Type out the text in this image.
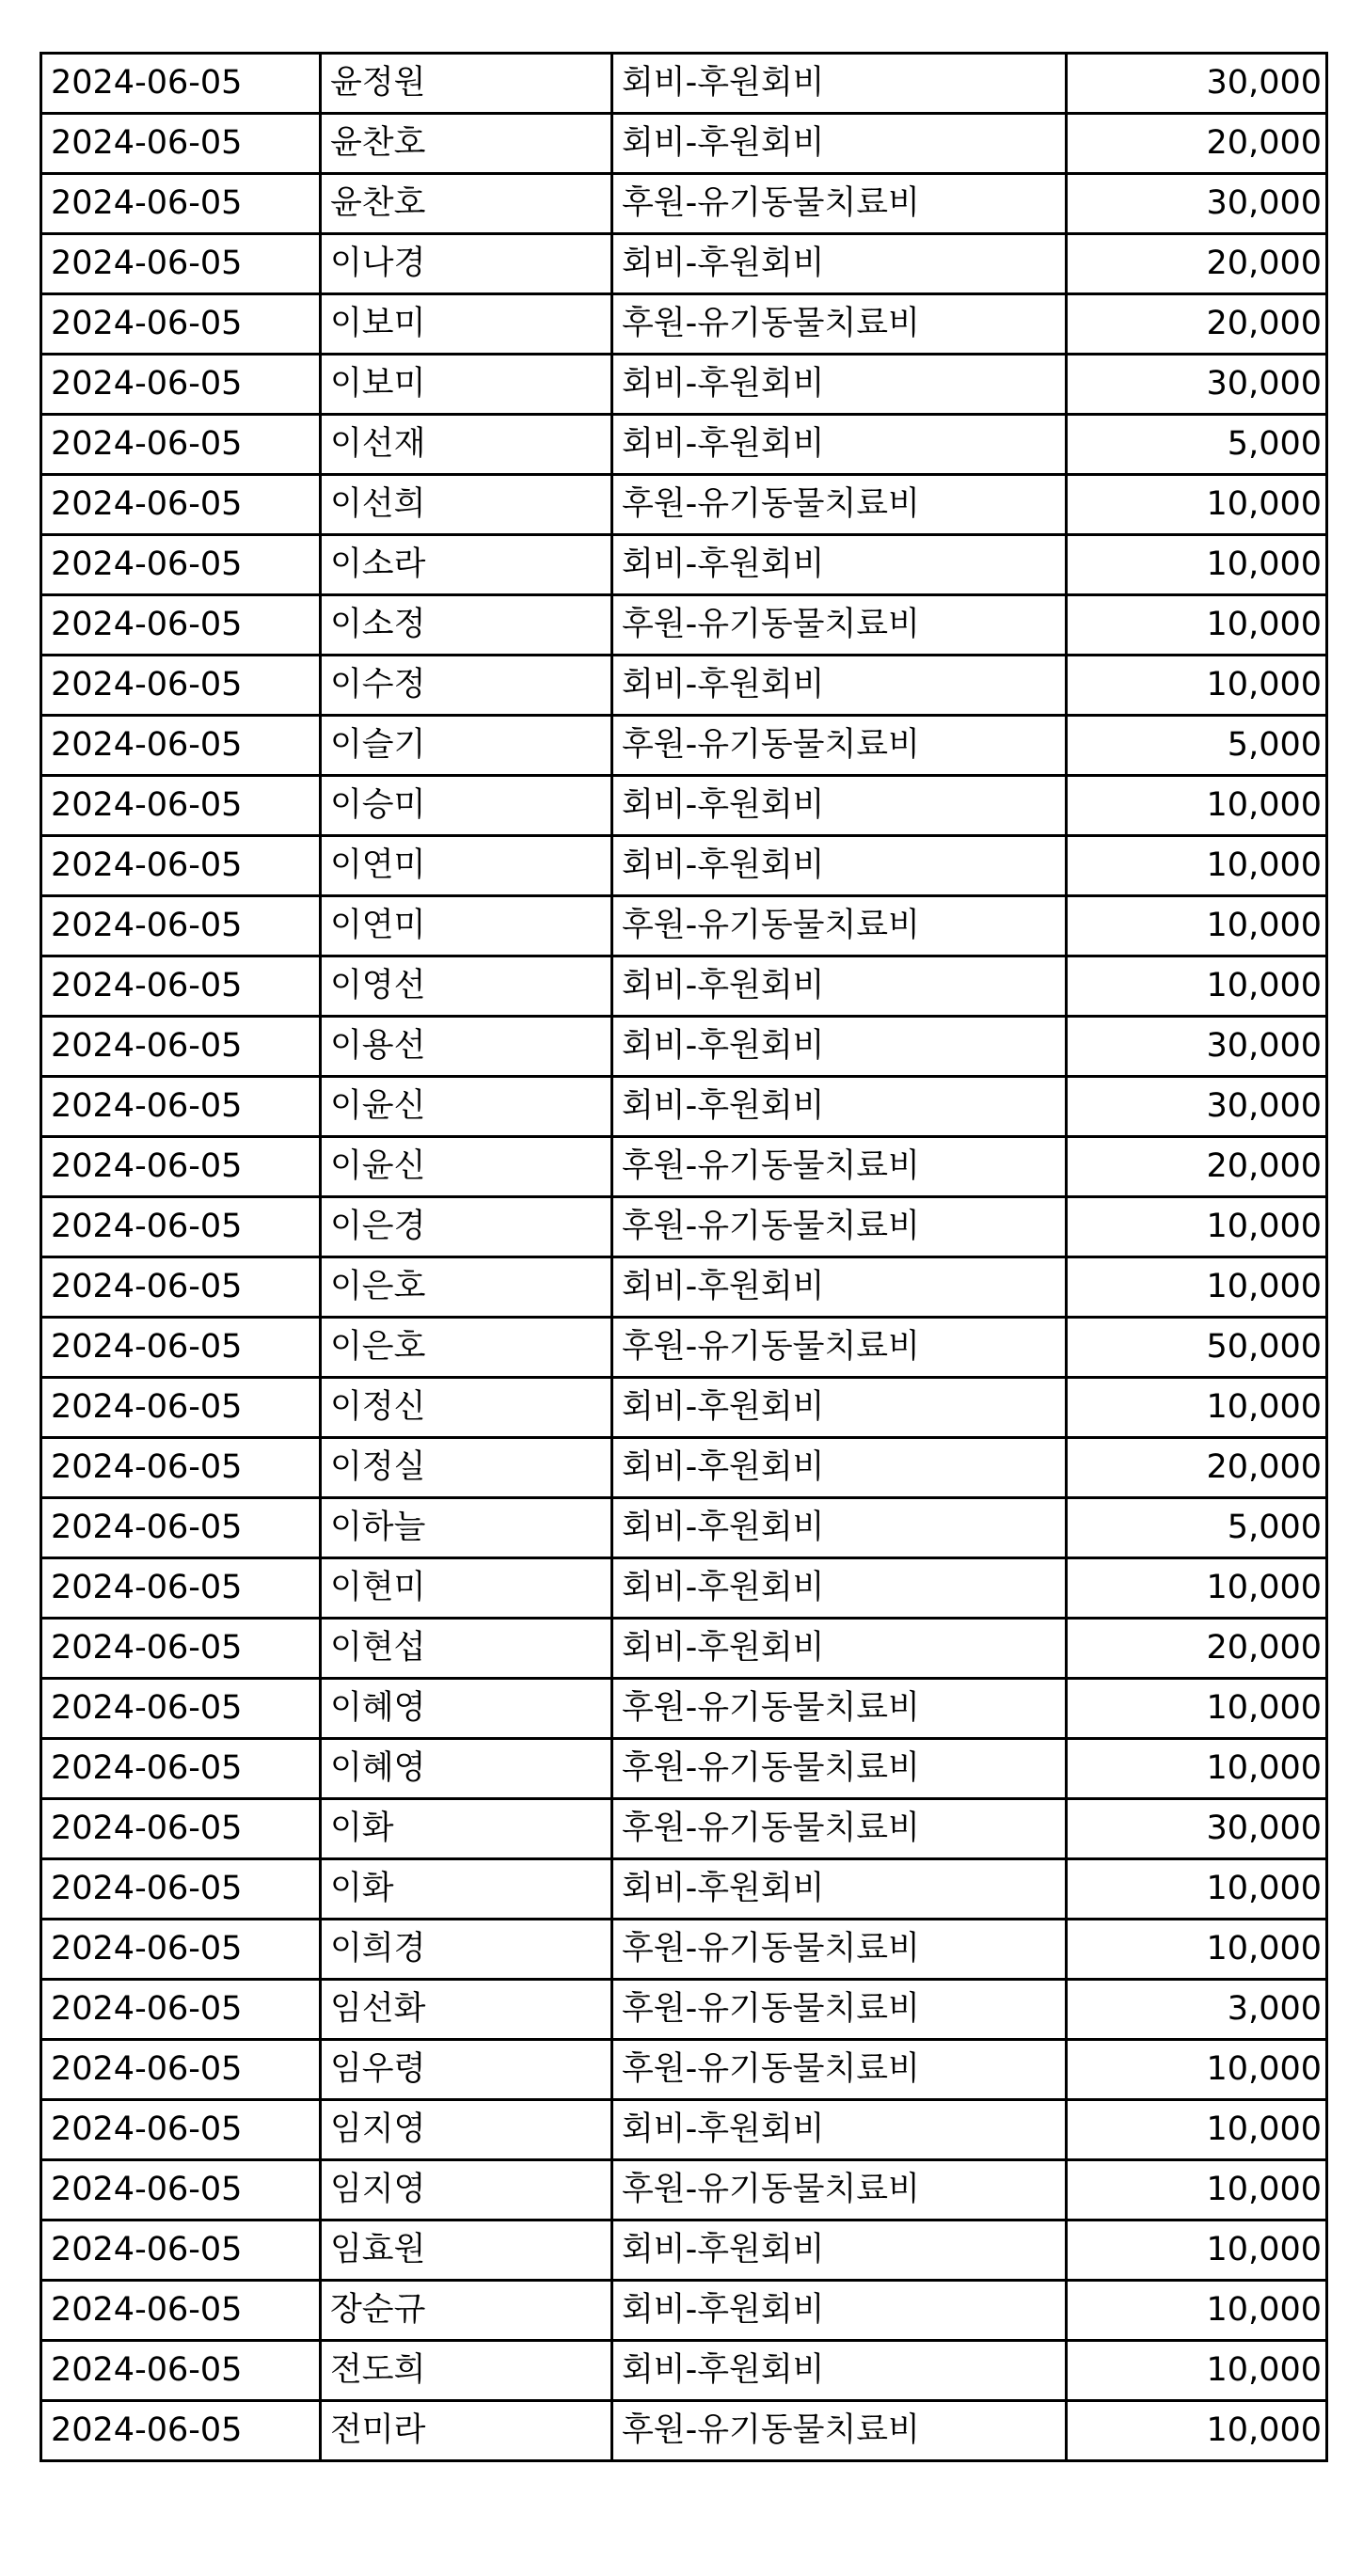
2024-06-05	윤정원	회비-후원회비	30,000
2024-06-05	윤찬호	회비-후원회비	20,000
2024-06-05	윤찬호	후원-유기동물치료비	30,000
2024-06-05	이나경	회비-후원회비	20,000
2024-06-05	이보미	후원-유기동물치료비	20,000
2024-06-05	이보미	회비-후원회비	30,000
2024-06-05	이선재	회비-후원회비	5,000
2024-06-05	이선희	후원-유기동물치료비	10,000
2024-06-05	이소라	회비-후원회비	10,000
2024-06-05	이소정	후원-유기동물치료비	10,000
2024-06-05	이수정	회비-후원회비	10,000
2024-06-05	이슬기	후원-유기동물치료비	5,000
2024-06-05	이승미	회비-후원회비	10,000
2024-06-05	이연미	회비-후원회비	10,000
2024-06-05	이연미	후원-유기동물치료비	10,000
2024-06-05	이영선	회비-후원회비	10,000
2024-06-05	이용선	회비-후원회비	30,000
2024-06-05	이윤신	회비-후원회비	30,000
2024-06-05	이윤신	후원-유기동물치료비	20,000
2024-06-05	이은경	후원-유기동물치료비	10,000
2024-06-05	이은호	회비-후원회비	10,000
2024-06-05	이은호	후원-유기동물치료비	50,000
2024-06-05	이정신	회비-후원회비	10,000
2024-06-05	이정실	회비-후원회비	20,000
2024-06-05	이하늘	회비-후원회비	5,000
2024-06-05	이현미	회비-후원회비	10,000
2024-06-05	이현섭	회비-후원회비	20,000
2024-06-05	이혜영	후원-유기동물치료비	10,000
2024-06-05	이혜영	후원-유기동물치료비	10,000
2024-06-05	이화	후원-유기동물치료비	30,000
2024-06-05	이화	회비-후원회비	10,000
2024-06-05	이희경	후원-유기동물치료비	10,000
2024-06-05	임선화	후원-유기동물치료비	3,000
2024-06-05	임우령	후원-유기동물치료비	10,000
2024-06-05	임지영	회비-후원회비	10,000
2024-06-05	임지영	후원-유기동물치료비	10,000
2024-06-05	임효원	회비-후원회비	10,000
2024-06-05	장순규	회비-후원회비	10,000
2024-06-05	전도희	회비-후원회비	10,000
2024-06-05	전미라	후원-유기동물치료비	10,000
